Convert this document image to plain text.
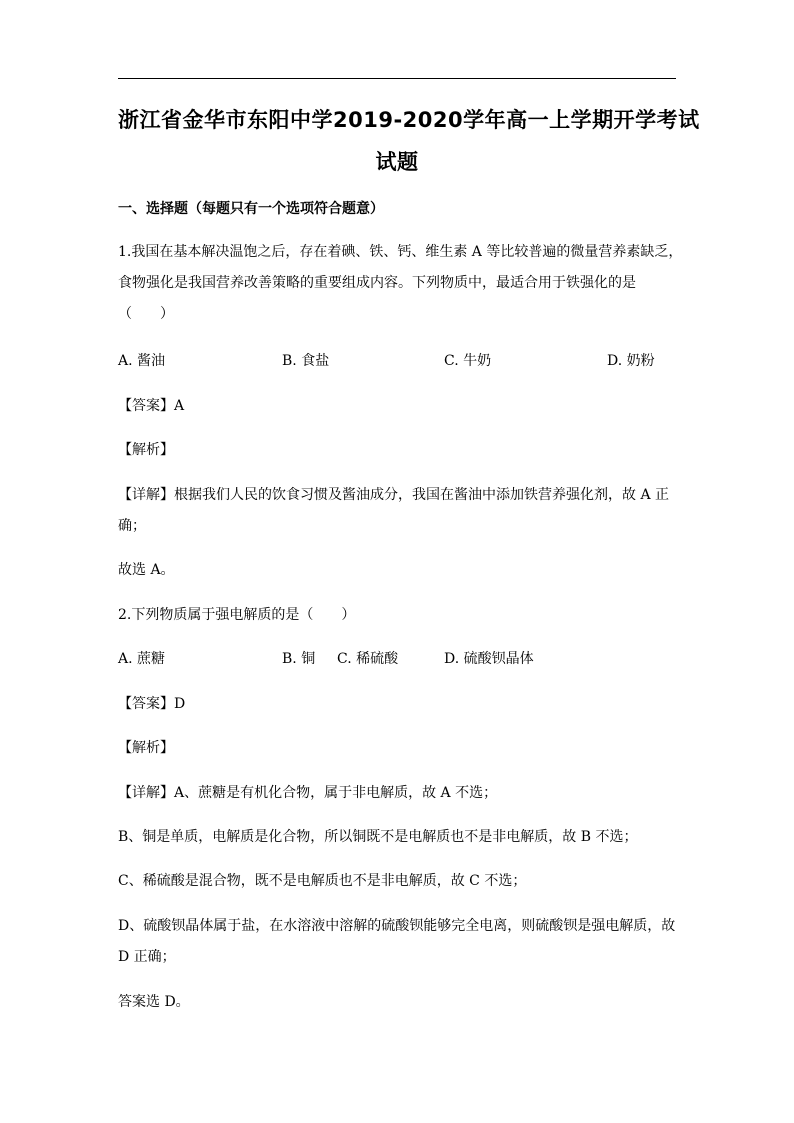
浙江省金华市东阳中学2019-2020学年高一上学期开学考试
试题
一、选择题（每题只有一个选项符合题意）
1.我国在基本解决温饱之后，存在着碘、铁、钙、维生素 A 等比较普遍的微量营养素缺乏，
食物强化是我国营养改善策略的重要组成内容。下列物质中，最适合用于铁强化的是
（　　）
A. 酱油	B. 食盐	C. 牛奶	D. 奶粉
【答案】A
【解析】
【详解】根据我们人民的饮食习惯及酱油成分，我国在酱油中添加铁营养强化剂，故 A 正
确；
故选 A。
2.下列物质属于强电解质的是（　　）
A. 蔗糖	B. 铜 C. 稀硫酸	D. 硫酸钡晶体
【答案】D
【解析】
【详解】A、蔗糖是有机化合物，属于非电解质，故 A 不选；
B、铜是单质，电解质是化合物，所以铜既不是电解质也不是非电解质，故 B 不选；
C、稀硫酸是混合物，既不是电解质也不是非电解质，故 C 不选；
D、硫酸钡晶体属于盐，在水溶液中溶解的硫酸钡能够完全电离，则硫酸钡是强电解质，故
D 正确；
答案选 D。
